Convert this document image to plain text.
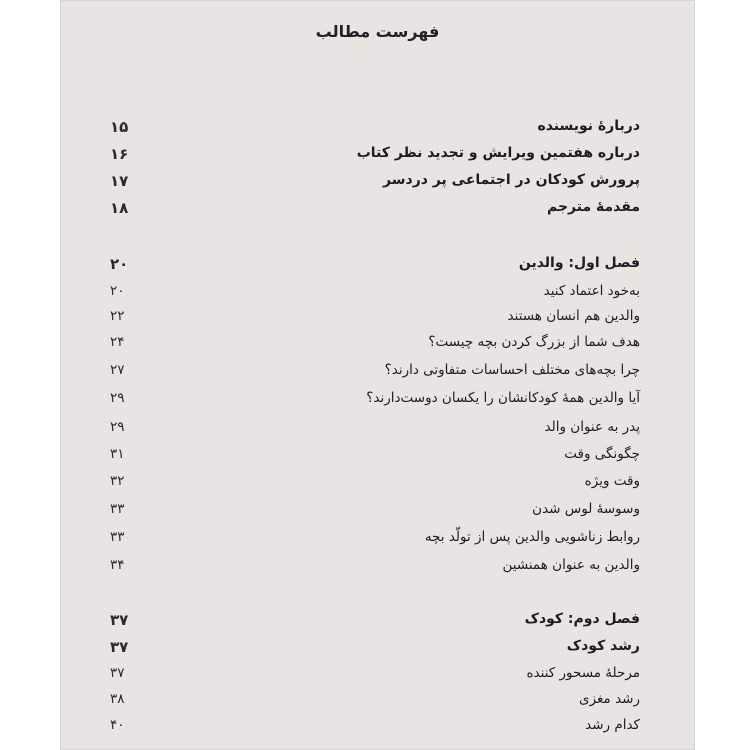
فهرست مطالب
دربارهٔ نویسنده
۱۵
درباره هفتمین ویرایش و تجدید نظر کتاب
۱۶
پرورش کودکان در اجتماعی پر دردسر
۱۷
مقدمهٔ مترجم
۱۸
فصل اول: والدین
۲۰
به‌خود اعتماد کنید
۲۰
والدین هم انسان هستند
۲۲
هدف شما از بزرگ کردن بچه چیست؟
۲۴
چرا بچه‌های مختلف احساسات متفاوتی دارند؟
۲۷
آیا والدین همهٔ کودکانشان را یکسان دوست‌دارند؟
۲۹
پدر به عنوان والد
۲۹
چگونگی وقت
۳۱
وقت ویژه
۳۲
وسوسهٔ لوس شدن
۳۳
روابط زناشویی والدین پس از تولّد بچه
۳۳
والدین به عنوان همنشین
۳۴
فصل دوم: کودک
۳۷
رشد کودک
۳۷
مرحلهٔ مسحور کننده
۳۷
رشد مغزی
۳۸
کدام رشد
۴۰
